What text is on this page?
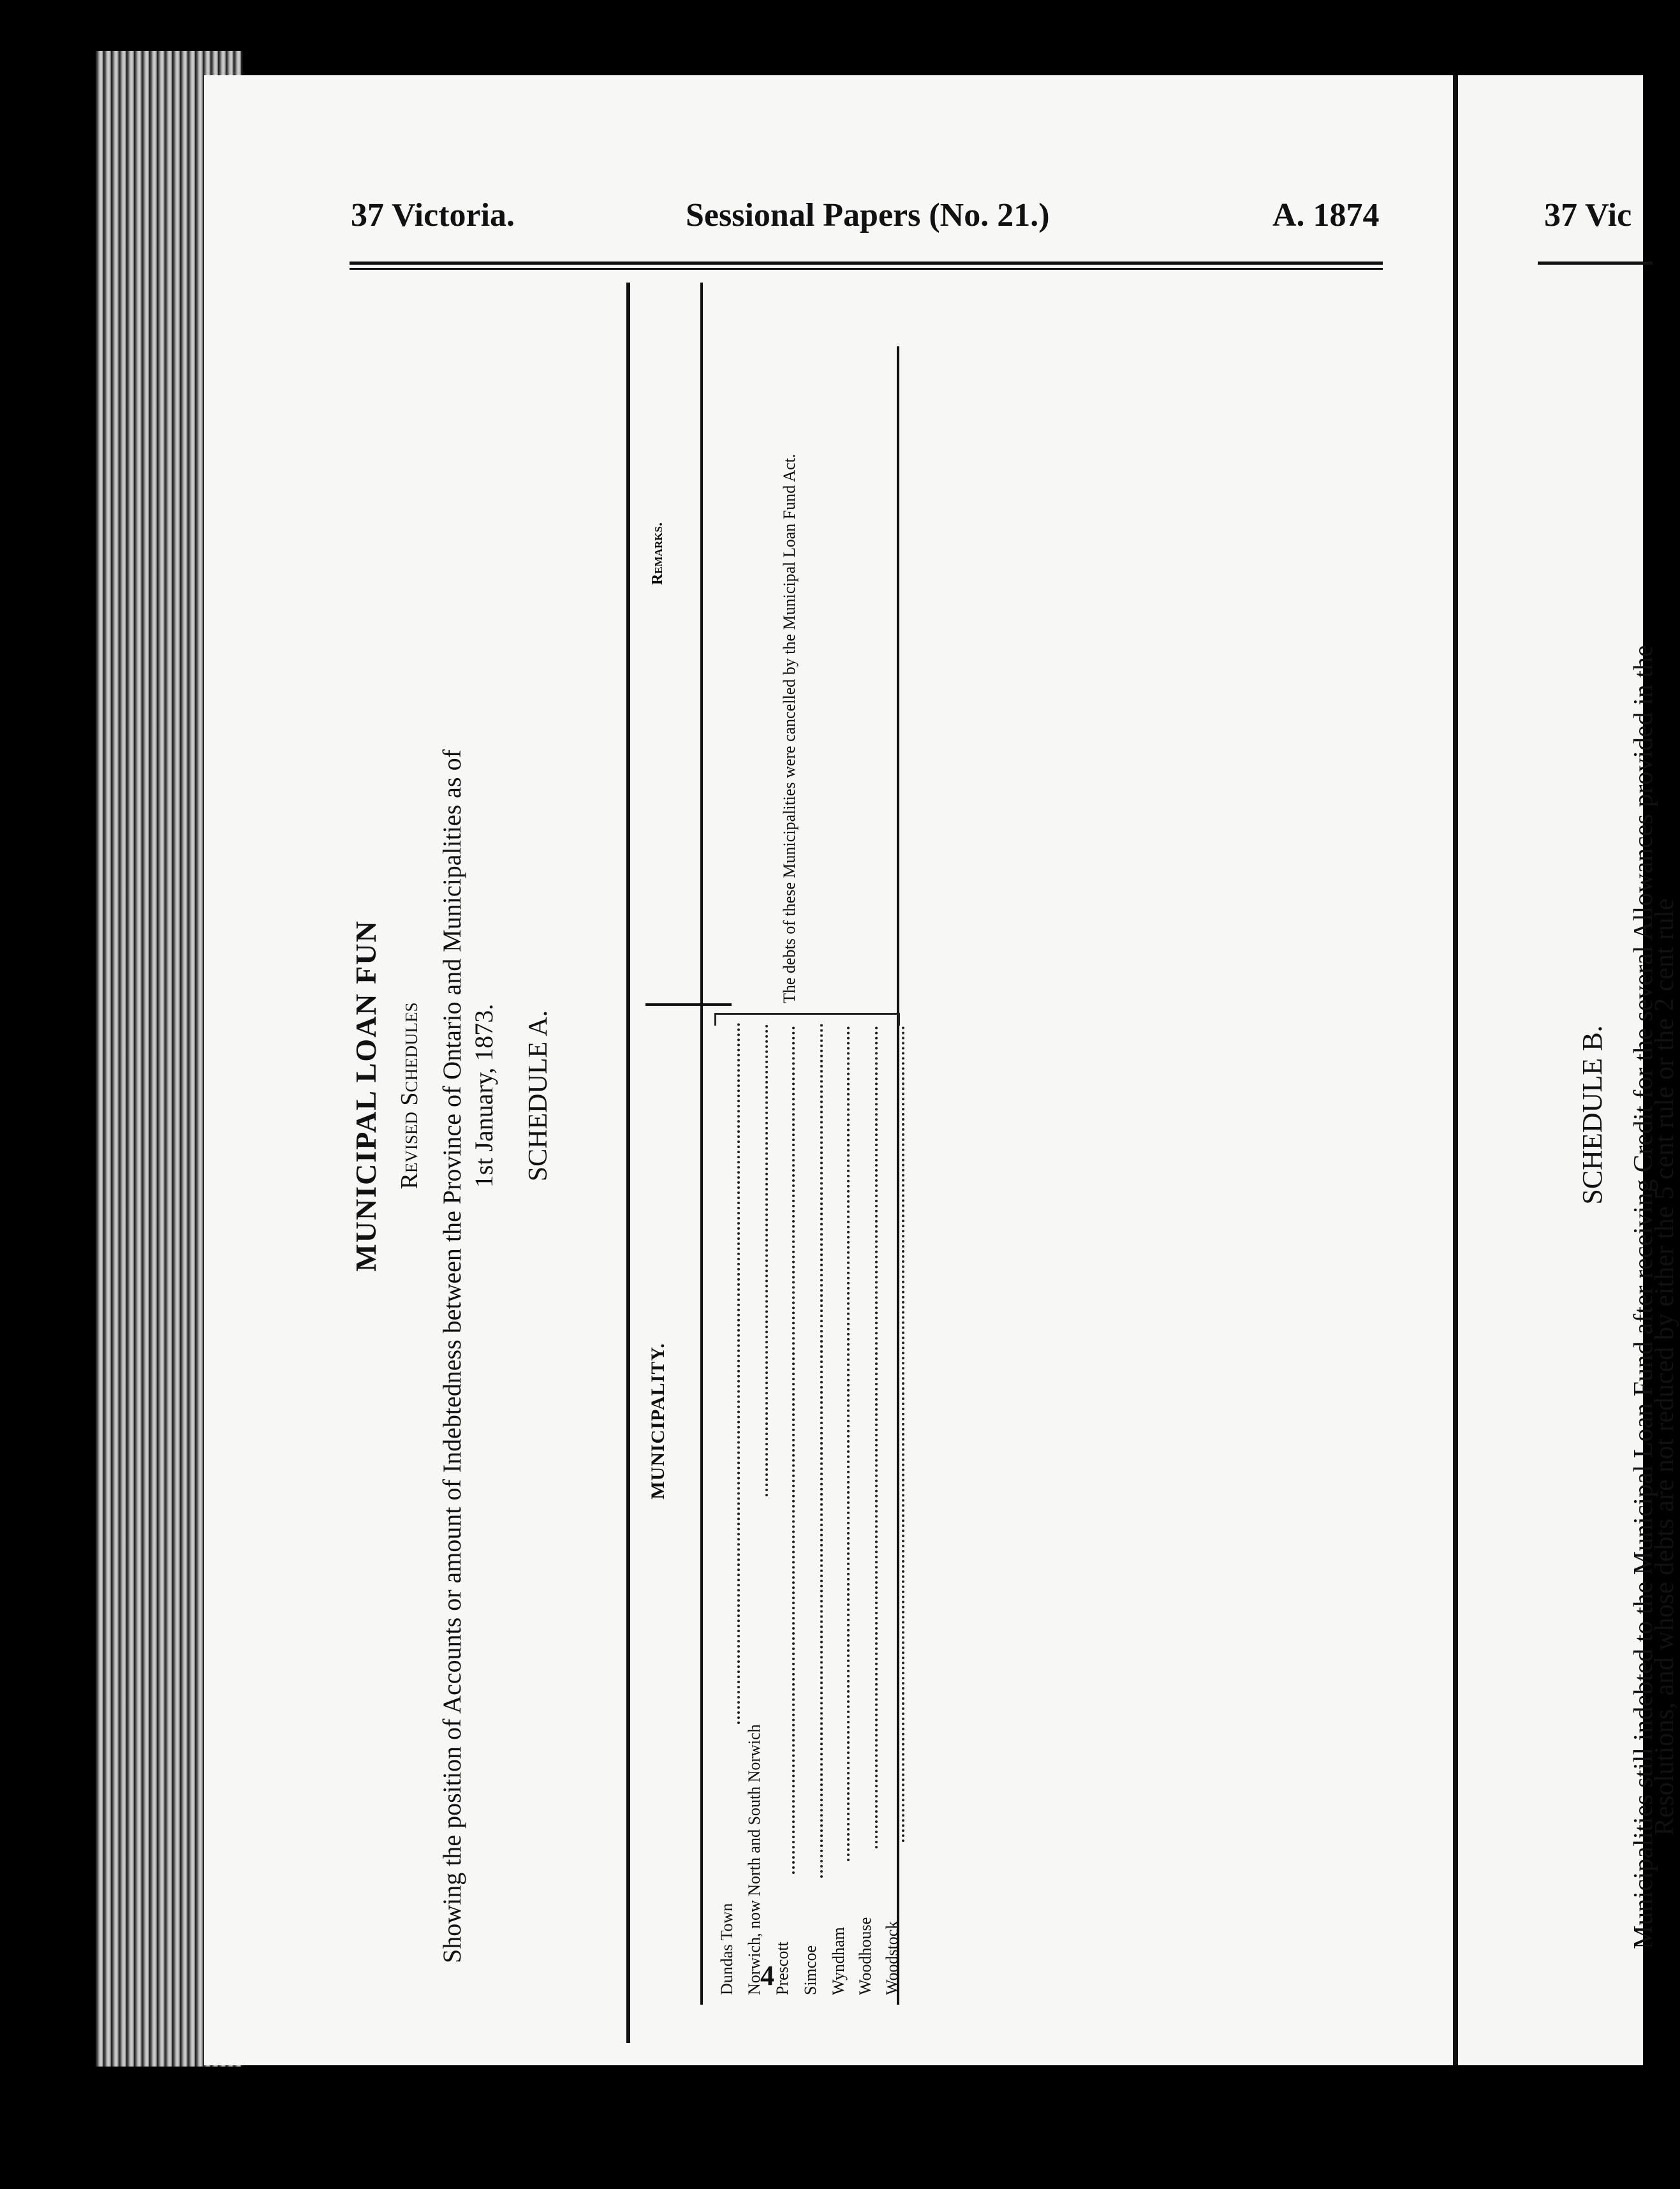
37 Victoria.	Sessional Papers (No. 21.)	A. 1874
MUNICIPAL LOAN FUN Revised Schedules Showing the position of Accounts or amount of Indebtedness between the Province of Ontario and Municipalities as of 1st January, 1873. SCHEDULE A.
MUNICIPALITY.
Remarks.
Dundas Town Norwich, now North and South Norwich Prescott Simcoe Wyndham Woodhouse Woodstock
The debts of these Municipalities were cancelled by the Municipal Loan Fund Act.
4
37 Vic
SCHEDULE B. Municipalities still indebted to the Municipal Loan Fund after receiving Credit for the several Allowances provided in the
Resolutions, and whose debts are not reduced by either the 5 cent rule or the 2 cent rule
